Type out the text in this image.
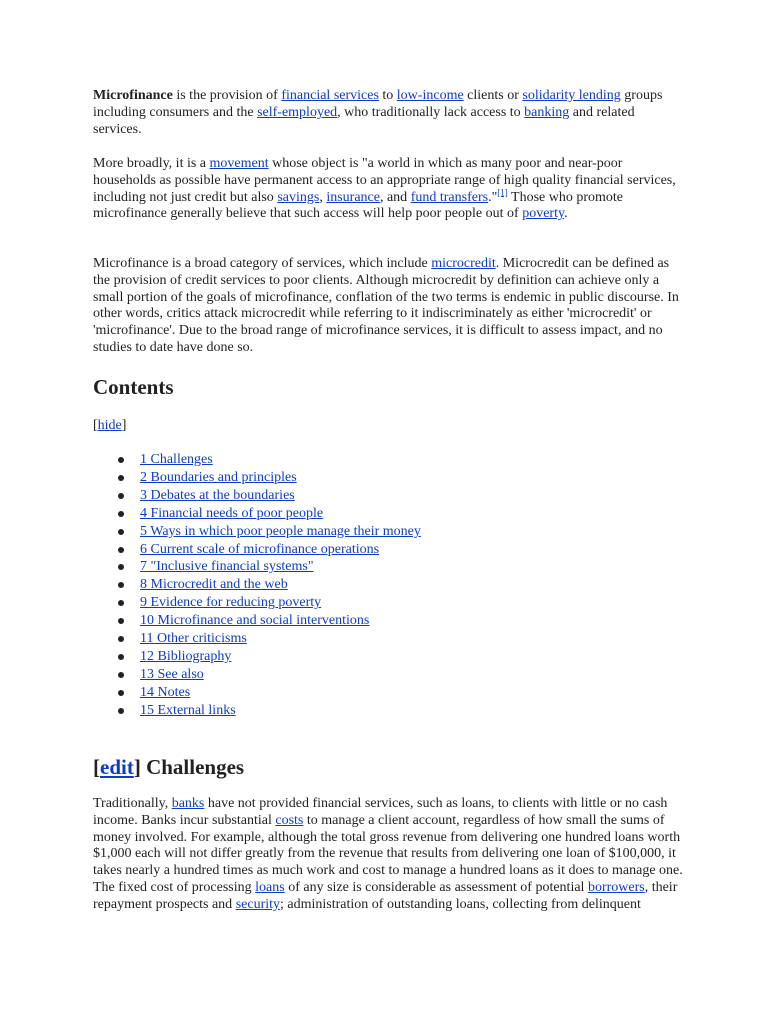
Microfinance is the provision of financial services to low-income clients or solidarity lending groups including consumers and the self-employed, who traditionally lack access to banking and related services.

More broadly, it is a movement whose object is "a world in which as many poor and near-poor households as possible have permanent access to an appropriate range of high quality financial services, including not just credit but also savings, insurance, and fund transfers."[1] Those who promote microfinance generally believe that such access will help poor people out of poverty.

Microfinance is a broad category of services, which include microcredit. Microcredit can be defined as the provision of credit services to poor clients. Although microcredit by definition can achieve only a small portion of the goals of microfinance, conflation of the two terms is endemic in public discourse. In other words, critics attack microcredit while referring to it indiscriminately as either 'microcredit' or 'microfinance'. Due to the broad range of microfinance services, it is difficult to assess impact, and no studies to date have done so.

Contents
[hide]
1 Challenges
2 Boundaries and principles
3 Debates at the boundaries
4 Financial needs of poor people
5 Ways in which poor people manage their money
6 Current scale of microfinance operations
7 "Inclusive financial systems"
8 Microcredit and the web
9 Evidence for reducing poverty
10 Microfinance and social interventions
11 Other criticisms
12 Bibliography
13 See also
14 Notes
15 External links
[edit] Challenges

Traditionally, banks have not provided financial services, such as loans, to clients with little or no cash income. Banks incur substantial costs to manage a client account, regardless of how small the sums of money involved. For example, although the total gross revenue from delivering one hundred loans worth $1,000 each will not differ greatly from the revenue that results from delivering one loan of $100,000, it takes nearly a hundred times as much work and cost to manage a hundred loans as it does to manage one. The fixed cost of processing loans of any size is considerable as assessment of potential borrowers, their repayment prospects and security; administration of outstanding loans, collecting from delinquent
